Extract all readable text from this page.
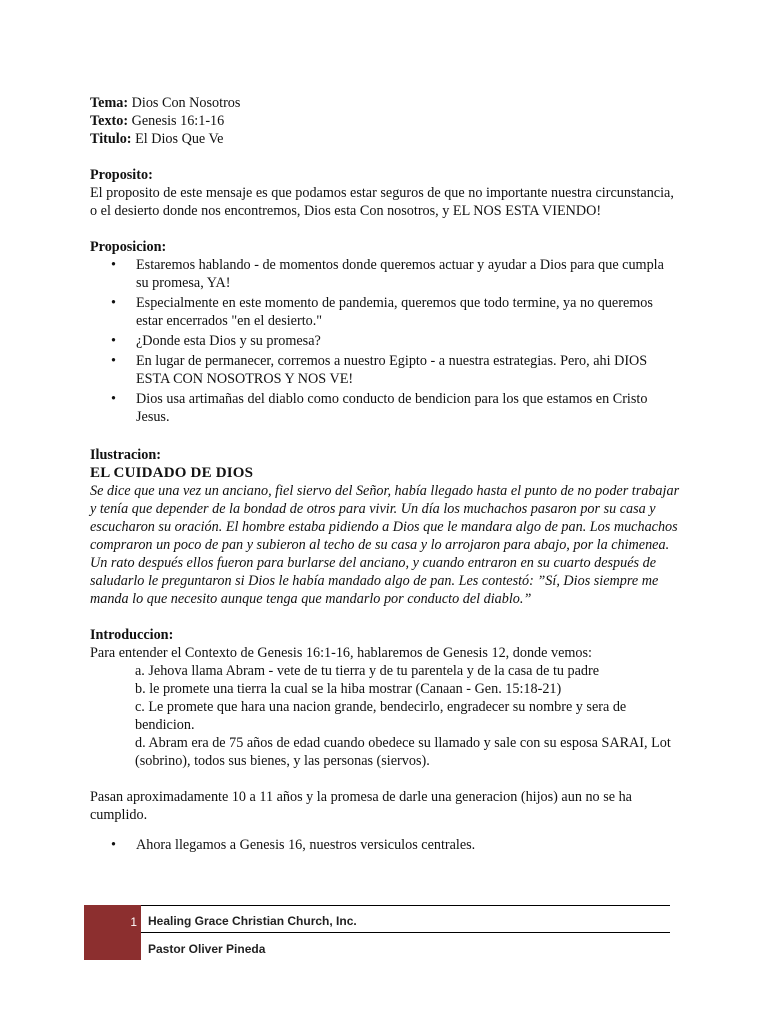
Tema: Dios Con Nosotros

Texto: Genesis 16:1-16

Titulo: El Dios Que Ve

Proposito:

El proposito de este mensaje es que podamos estar seguros de que no importante nuestra circunstancia, o el desierto donde nos encontremos, Dios esta Con nosotros, y EL NOS ESTA VIENDO!

Proposicion:

• Estaremos hablando - de momentos donde queremos actuar y ayudar a Dios para que cumpla su promesa, YA!
• Especialmente en este momento de pandemia, queremos que todo termine, ya no queremos estar encerrados "en el desierto."
• ¿Donde esta Dios y su promesa?
• En lugar de permanecer, corremos a nuestro Egipto - a nuestra estrategias. Pero, ahi DIOS ESTA CON NOSOTROS Y NOS VE!
• Dios usa artimañas del diablo como conducto de bendicion para los que estamos en Cristo Jesus.

Ilustracion:

EL CUIDADO DE DIOS

Se dice que una vez un anciano, fiel siervo del Señor, había llegado hasta el punto de no poder trabajar y tenía que depender de la bondad de otros para vivir. Un día los muchachos pasaron por su casa y escucharon su oración. El hombre estaba pidiendo a Dios que le mandara algo de pan. Los muchachos compraron un poco de pan y subieron al techo de su casa y lo arrojaron para abajo, por la chimenea. Un rato después ellos fueron para burlarse del anciano, y cuando entraron en su cuarto después de saludarlo le preguntaron si Dios le había mandado algo de pan. Les contestó: ”Sí, Dios siempre me manda lo que necesito aunque tenga que mandarlo por conducto del diablo.”

Introduccion:

Para entender el Contexto de Genesis 16:1-16, hablaremos de Genesis 12, donde vemos:

a. Jehova llama Abram - vete de tu tierra y de tu parentela y de la casa de tu padre

b. le promete una tierra la cual se la hiba mostrar (Canaan - Gen. 15:18-21)

c. Le promete que hara una nacion grande, bendecirlo, engradecer su nombre y sera de bendicion.

d. Abram era de 75 años de edad cuando obedece su llamado y sale con su esposa SARAI, Lot (sobrino), todos sus bienes, y las personas (siervos).

Pasan aproximadamente 10 a 11 años y la promesa de darle una generacion (hijos) aun no se ha cumplido.

• Ahora llegamos a Genesis 16, nuestros versiculos centrales.
1 Healing Grace Christian Church, Inc.
Pastor Oliver Pineda
